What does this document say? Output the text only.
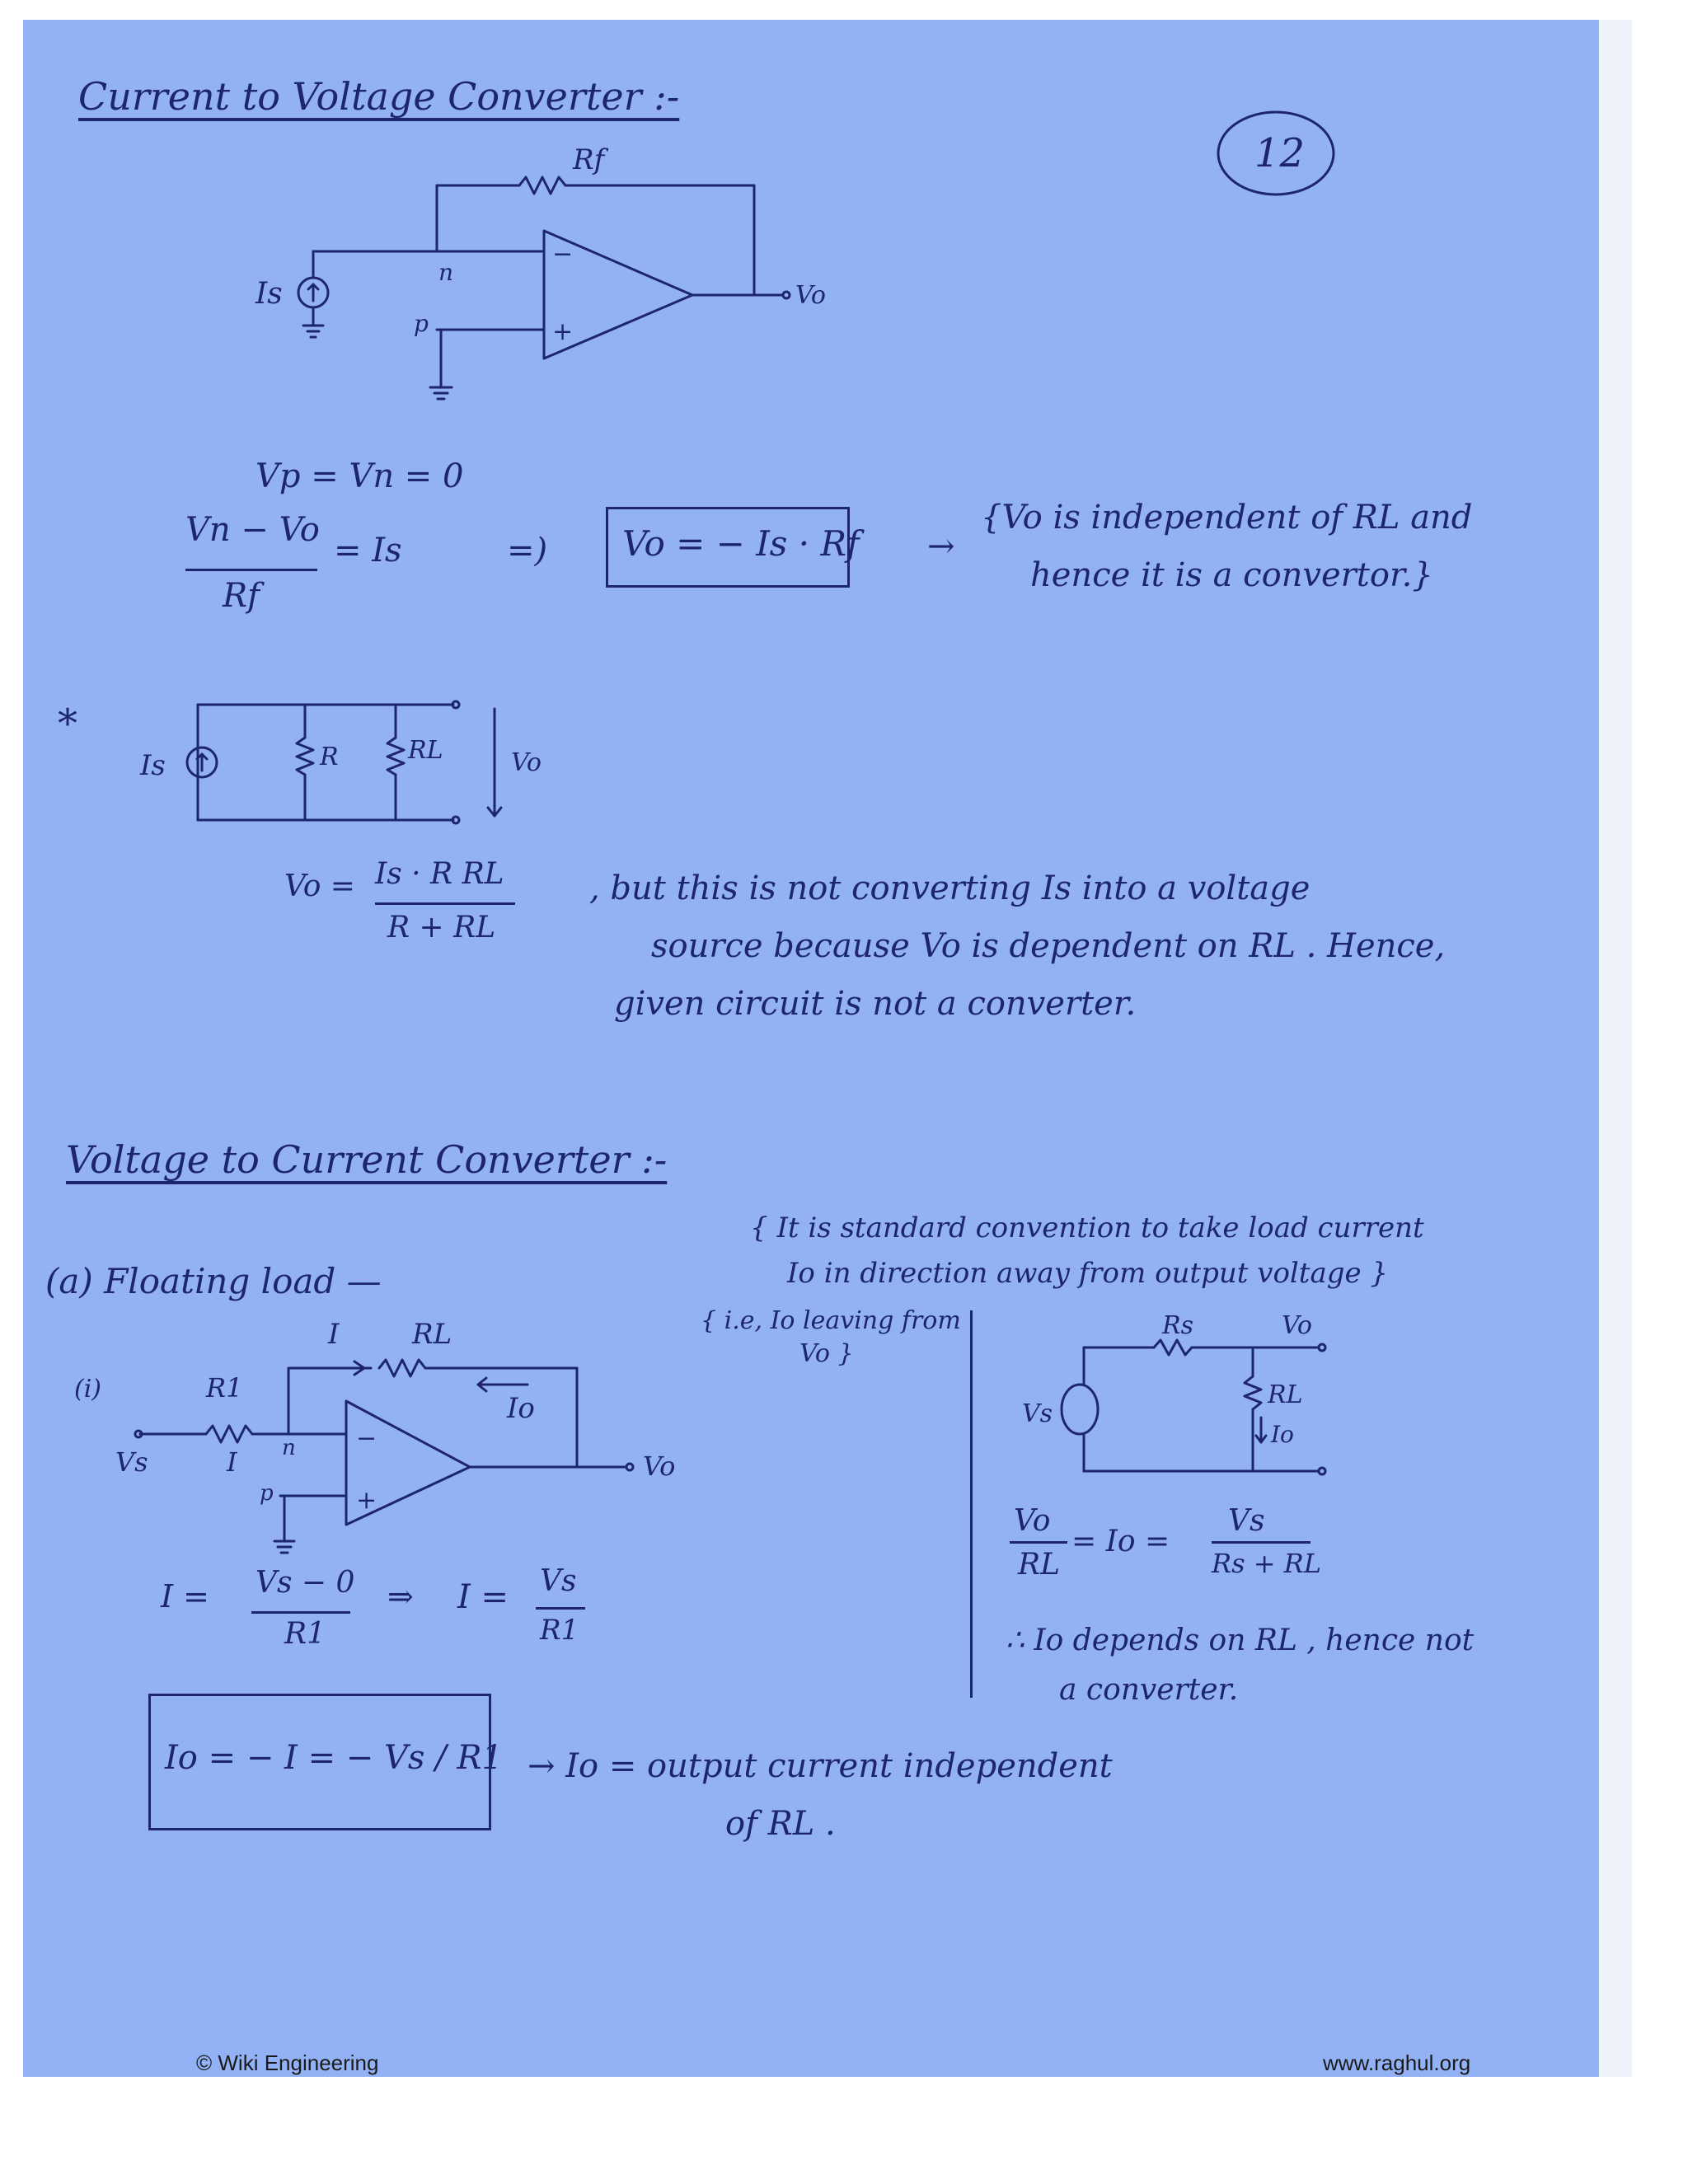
12
Current to Voltage Converter :-
Rf
Is
n
p
−
+
Vo
Vp = Vn = 0
Vn − Vo
Rf
= Is	=) Vo = − Is · Rf →
{Vo is independent of RL and
hence it is a convertor.}
*
Is	R	RL	Vo
Vo = Is · R RL
R + RL
, but this is not converting Is into a voltage
source because Vo is dependent on RL . Hence,
given circuit is not a converter.
Voltage to Current Converter :-
{ It is standard convention to take load current
Io in direction away from output voltage }
(a) Floating load —
{ i.e, Io leaving from
Vo }
(i)
I	RL
Io
R1
Vs	I n
p
−
+
Vo
Rs	Vo
Vs
RL
Io
Vo
RL
= Io =
Vs
Rs + RL
∴ Io depends on RL , hence not
a converter.
I = Vs − 0
R1
⇒ I = Vs
R1
Io = − I = − Vs / R1 → Io = output current independent
of RL .
© Wiki Engineering	www.raghul.org
